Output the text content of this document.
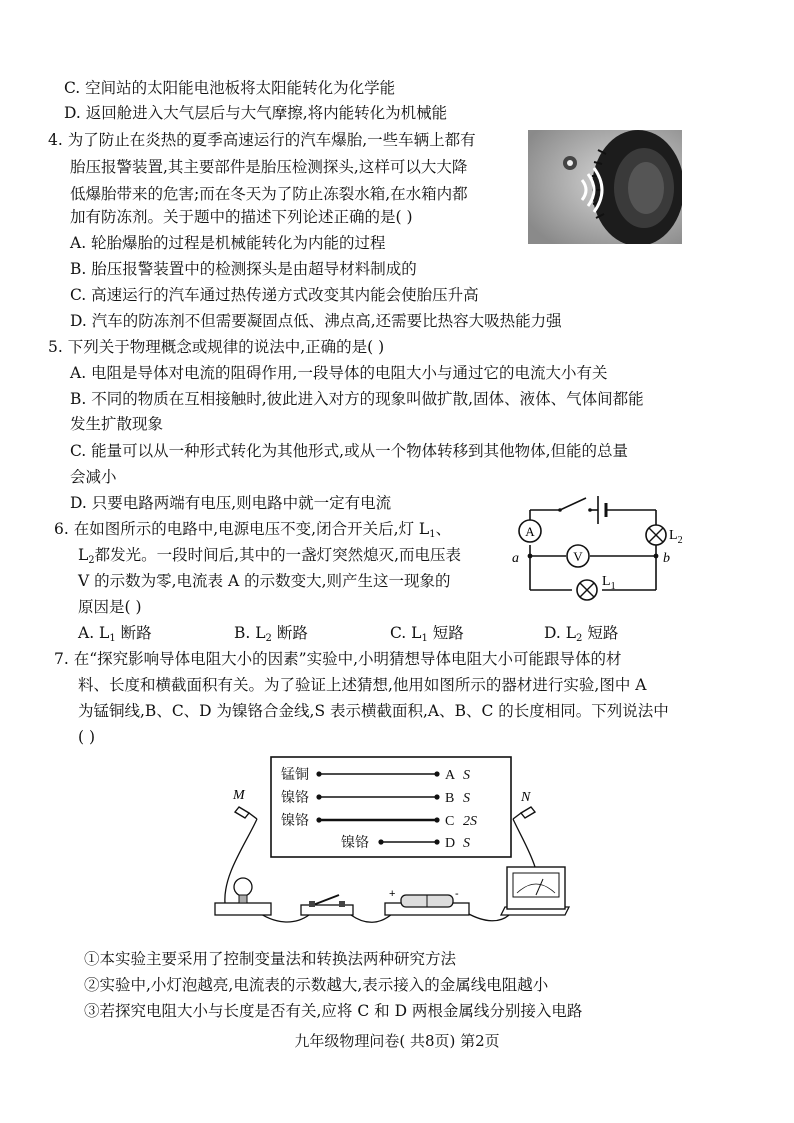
C. 空间站的太阳能电池板将太阳能转化为化学能
D. 返回舱进入大气层后与大气摩擦,将内能转化为机械能
4. 为了防止在炎热的夏季高速运行的汽车爆胎,一些车辆上都有
胎压报警装置,其主要部件是胎压检测探头,这样可以大大降
低爆胎带来的危害;而在冬天为了防止冻裂水箱,在水箱内都
加有防冻剂。关于题中的描述下列论述正确的是( )
A. 轮胎爆胎的过程是机械能转化为内能的过程
B. 胎压报警装置中的检测探头是由超导材料制成的
C. 高速运行的汽车通过热传递方式改变其内能会使胎压升高
D. 汽车的防冻剂不但需要凝固点低、沸点高,还需要比热容大吸热能力强
5. 下列关于物理概念或规律的说法中,正确的是( )
A. 电阻是导体对电流的阻碍作用,一段导体的电阻大小与通过它的电流大小有关
B. 不同的物质在互相接触时,彼此进入对方的现象叫做扩散,固体、液体、气体间都能
发生扩散现象
C. 能量可以从一种形式转化为其他形式,或从一个物体转移到其他物体,但能的总量
会减小
D. 只要电路两端有电压,则电路中就一定有电流
6. 在如图所示的电路中,电源电压不变,闭合开关后,灯 $L_1$、
$L_2$都发光。一段时间后,其中的一盏灯突然熄灭,而电压表
V 的示数为零,电流表 A 的示数变大,则产生这一现象的
原因是( )
A. $L_1$ 断路	B. $L_2$ 断路	C. $L_1$ 短路	D. $L_2$ 短路
A
V
$L_2$
$L_1$
a	b
7. 在“探究影响导体电阻大小的因素”实验中,小明猜想导体电阻大小可能跟导体的材
料、长度和横截面积有关。为了验证上述猜想,他用如图所示的器材进行实验,图中 A
为锰铜线,B、C、D 为镍铬合金线,S 表示横截面积,A、B、C 的长度相同。下列说法中
( )
锰铜
镍铬
镍铬
镍铬
A
B
C
D
S
S
2S
S
M	N
+	-
①本实验主要采用了控制变量法和转换法两种研究方法
②实验中,小灯泡越亮,电流表的示数越大,表示接入的金属线电阻越小
③若探究电阻大小与长度是否有关,应将 C 和 D 两根金属线分别接入电路
九年级物理问卷( 共8页) 第2页
